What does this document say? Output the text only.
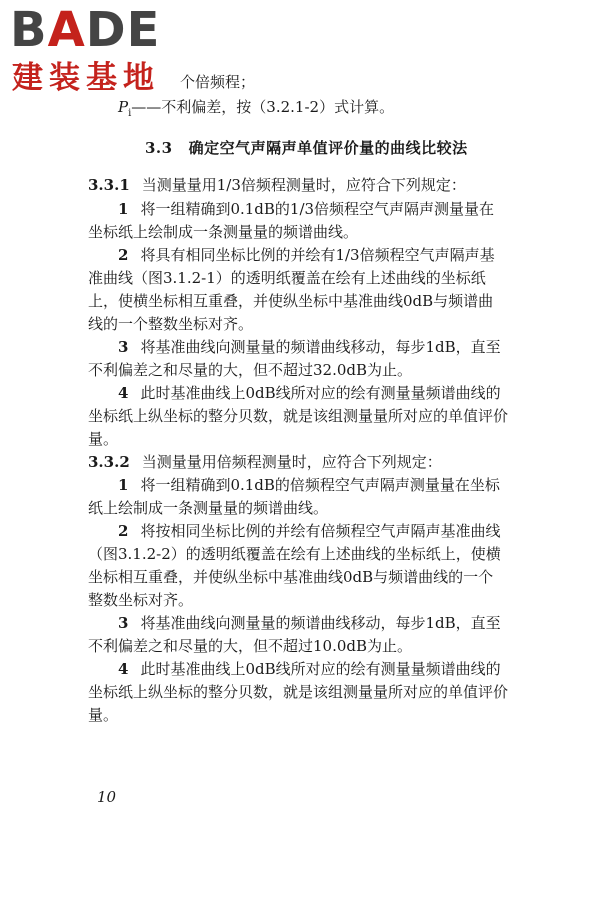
BADE
建装基地 个倍频程；
$P_i——$不利偏差，按（3.2.1-2）式计算。
3.3 确定空气声隔声单值评价量的曲线比较法
3.3.1 当测量量用1/3倍频程测量时，应符合下列规定：
1 将一组精确到0.1dB的1/3倍频程空气声隔声测量量在
坐标纸上绘制成一条测量量的频谱曲线。
2 将具有相同坐标比例的并绘有1/3倍频程空气声隔声基
准曲线（图3.1.2-1）的透明纸覆盖在绘有上述曲线的坐标纸
上，使横坐标相互重叠，并使纵坐标中基准曲线0dB与频谱曲
线的一个整数坐标对齐。
3 将基准曲线向测量量的频谱曲线移动，每步1dB，直至
不利偏差之和尽量的大，但不超过32.0dB为止。
4 此时基准曲线上0dB线所对应的绘有测量量频谱曲线的
坐标纸上纵坐标的整分贝数，就是该组测量量所对应的单值评价
量。
3.3.2 当测量量用倍频程测量时，应符合下列规定：
1 将一组精确到0.1dB的倍频程空气声隔声测量量在坐标
纸上绘制成一条测量量的频谱曲线。
2 将按相同坐标比例的并绘有倍频程空气声隔声基准曲线
（图3.1.2-2）的透明纸覆盖在绘有上述曲线的坐标纸上，使横
坐标相互重叠，并使纵坐标中基准曲线0dB与频谱曲线的一个
整数坐标对齐。
3 将基准曲线向测量量的频谱曲线移动，每步1dB，直至
不利偏差之和尽量的大，但不超过10.0dB为止。
4 此时基准曲线上0dB线所对应的绘有测量量频谱曲线的
坐标纸上纵坐标的整分贝数，就是该组测量量所对应的单值评价
量。
10
